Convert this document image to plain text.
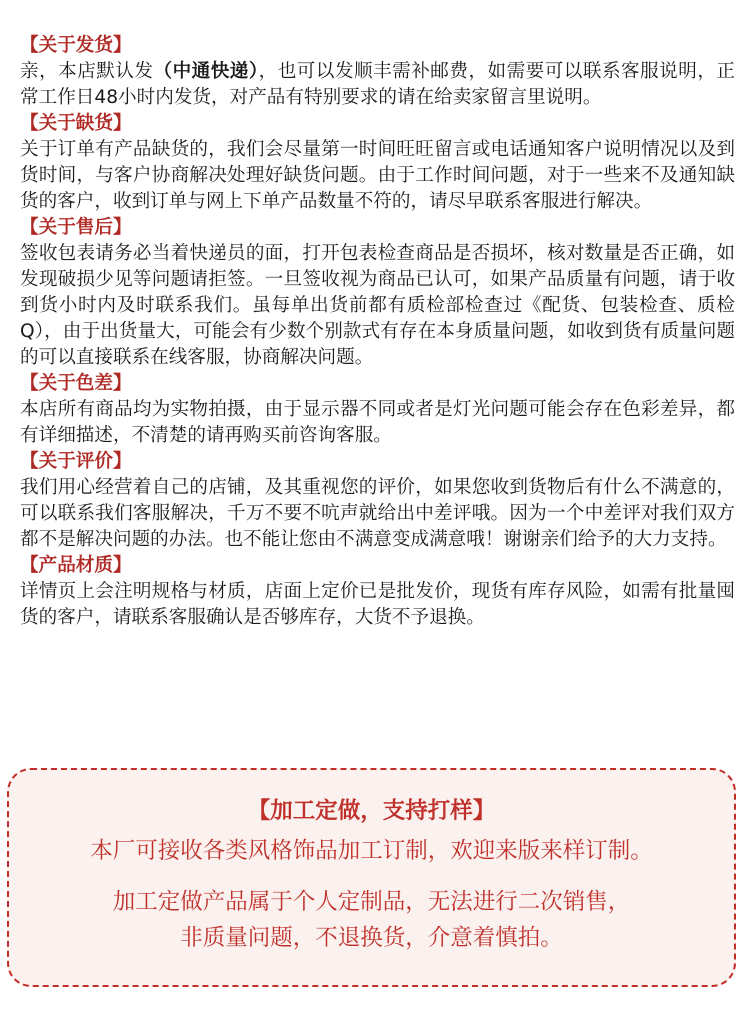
【关于发货】

亲，本店默认发（中通快递），也可以发顺丰需补邮费，如需要可以联系客服说明，正常工作日48小时内发货，对产品有特别要求的请在给卖家留言里说明。

【关于缺货】

关于订单有产品缺货的，我们会尽量第一时间旺旺留言或电话通知客户说明情况以及到货时间，与客户协商解决处理好缺货问题。由于工作时间问题，对于一些来不及通知缺货的客户，收到订单与网上下单产品数量不符的，请尽早联系客服进行解决。

【关于售后】

签收包表请务必当着快递员的面，打开包表检查商品是否损坏，核对数量是否正确，如发现破损少见等问题请拒签。一旦签收视为商品已认可，如果产品质量有问题，请于收到货小时内及时联系我们。虽每单出货前都有质检部检查过《配货、包装检查、质检Q），由于出货量大，可能会有少数个别款式有存在本身质量问题，如收到货有质量问题的可以直接联系在线客服，协商解决问题。

【关于色差】

本店所有商品均为实物拍摄，由于显示器不同或者是灯光问题可能会存在色彩差异，都有详细描述，不清楚的请再购买前咨询客服。

【关于评价】

我们用心经营着自己的店铺，及其重视您的评价，如果您收到货物后有什么不满意的，可以联系我们客服解决，千万不要不吭声就给出中差评哦。因为一个中差评对我们双方都不是解决问题的办法。也不能让您由不满意变成满意哦！谢谢亲们给予的大力支持。

【产品材质】

详情页上会注明规格与材质，店面上定价已是批发价，现货有库存风险，如需有批量囤货的客户，请联系客服确认是否够库存，大货不予退换。

【加工定做，支持打样】
本厂可接收各类风格饰品加工订制，欢迎来版来样订制。
加工定做产品属于个人定制品，无法进行二次销售，
非质量问题，不退换货，介意着慎拍。
